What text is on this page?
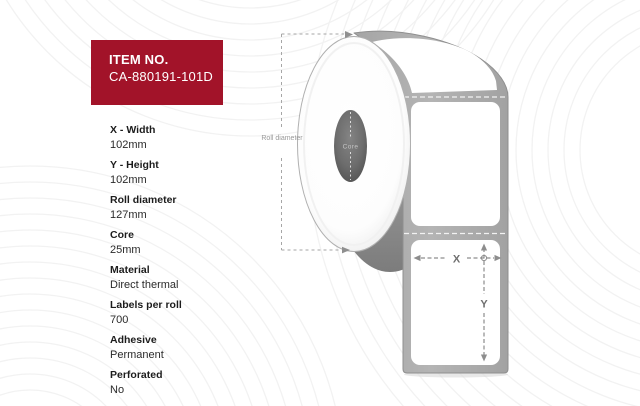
Core
X
Y
Roll diameter
ITEM NO.
CA-880191-101D
X - Width
102mm
Y - Height
102mm
Roll diameter
127mm
Core
25mm
Material
Direct thermal
Labels per roll
700
Adhesive
Permanent
Perforated
No
